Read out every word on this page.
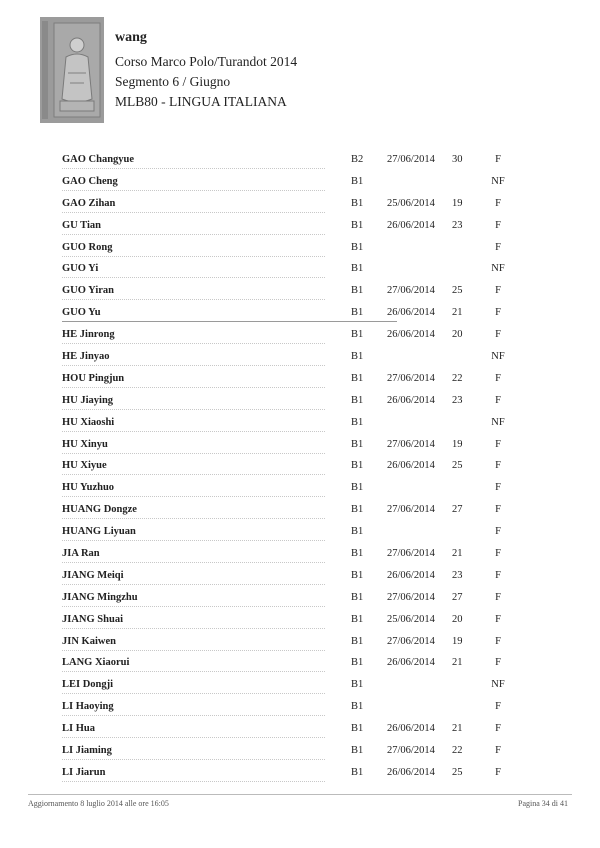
wang
Corso Marco Polo/Turandot 2014
Segmento 6 / Giugno
MLB80 - LINGUA ITALIANA
GAO Changyue	B2 27/06/2014 30	F
GAO Cheng	B1	NF
GAO Zihan	B1 25/06/2014 19	F
GU Tian	B1 26/06/2014 23	F
GUO Rong	B1	F
GUO Yi	B1	NF
GUO Yiran	B1 27/06/2014 25	F
GUO Yu	B1 26/06/2014 21	F
HE Jinrong	B1 26/06/2014 20	F
HE Jinyao	B1	NF
HOU Pingjun	B1 27/06/2014 22	F
HU Jiaying	B1 26/06/2014 23	F
HU Xiaoshi	B1	NF
HU Xinyu	B1 27/06/2014 19	F
HU Xiyue	B1 26/06/2014 25	F
HU Yuzhuo	B1	F
HUANG Dongze	B1 27/06/2014 27	F
HUANG Liyuan	B1	F
JIA Ran	B1 27/06/2014 21	F
JIANG Meiqi	B1 26/06/2014 23	F
JIANG Mingzhu	B1 27/06/2014 27	F
JIANG Shuai	B1 25/06/2014 20	F
JIN Kaiwen	B1 27/06/2014 19	F
LANG Xiaorui	B1 26/06/2014 21	F
LEI Dongji	B1	NF
LI Haoying	B1	F
LI Hua	B1 26/06/2014 21	F
LI Jiaming	B1 27/06/2014 22	F
LI Jiarun	B1 26/06/2014 25	F
Aggiornamento 8 luglio 2014 alle ore 16:05	Pagina 34 di 41
